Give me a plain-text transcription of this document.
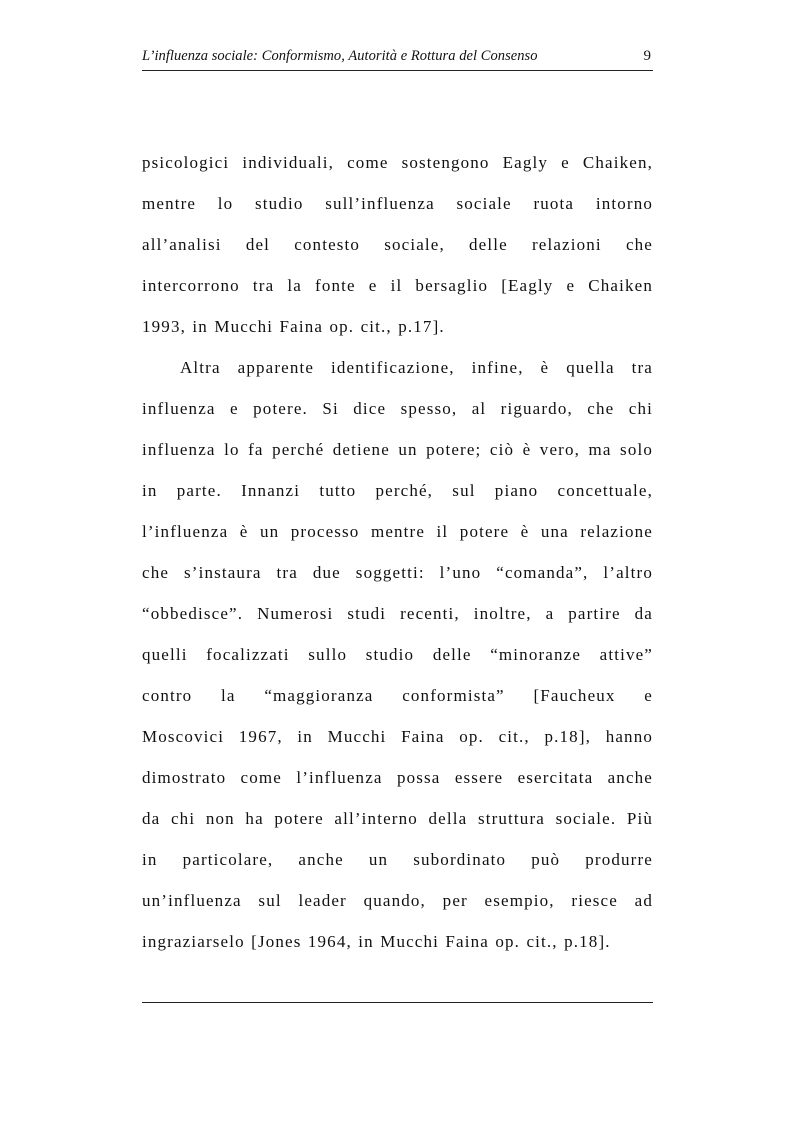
L’influenza sociale: Conformismo, Autorità e Rottura del Consenso	9
psicologici individuali, come sostengono Eagly e Chaiken,
mentre lo studio sull’influenza sociale ruota intorno
all’analisi del contesto sociale, delle relazioni che
intercorrono tra la fonte e il bersaglio [Eagly e Chaiken
1993, in Mucchi Faina op. cit., p.17].
Altra apparente identificazione, infine, è quella tra
influenza e potere. Si dice spesso, al riguardo, che chi
influenza lo fa perché detiene un potere; ciò è vero, ma solo
in parte. Innanzi tutto perché, sul piano concettuale,
l’influenza è un processo mentre il potere è una relazione
che s’instaura tra due soggetti: l’uno “comanda”, l’altro
“obbedisce”. Numerosi studi recenti, inoltre, a partire da
quelli focalizzati sullo studio delle “minoranze attive”
contro la “maggioranza conformista” [Faucheux e
Moscovici 1967, in Mucchi Faina op. cit., p.18], hanno
dimostrato come l’influenza possa essere esercitata anche
da chi non ha potere all’interno della struttura sociale. Più
in particolare, anche un subordinato può produrre
un’influenza sul leader quando, per esempio, riesce ad
ingraziarselo [Jones 1964, in Mucchi Faina op. cit., p.18].
